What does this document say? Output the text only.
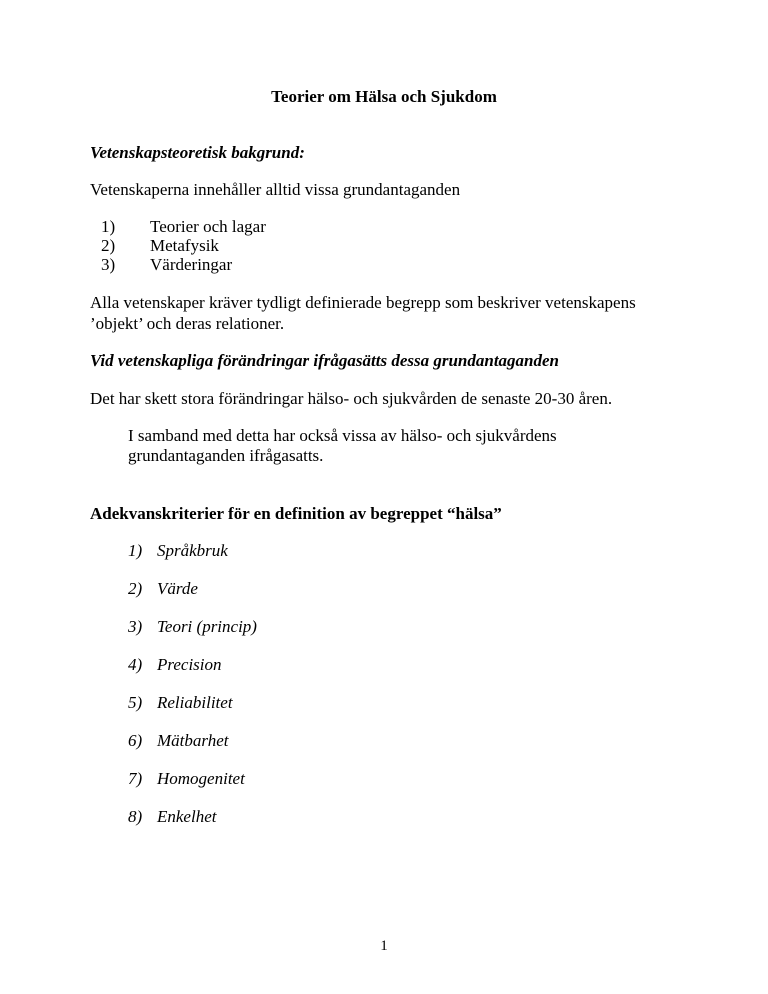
Teorier om Hälsa och Sjukdom

Vetenskapsteoretisk bakgrund:

Vetenskaperna innehåller alltid vissa grundantaganden

1) Teorier och lagar
2) Metafysik
3) Värderingar

Alla vetenskaper kräver tydligt definierade begrepp som beskriver vetenskapens

’objekt’ och deras relationer.

Vid vetenskapliga förändringar ifrågasätts dessa grundantaganden

Det har skett stora förändringar hälso- och sjukvården de senaste 20-30 åren.

I samband med detta har också vissa av hälso- och sjukvårdens

grundantaganden ifrågasatts.

Adekvanskriterier för en definition av begreppet “hälsa”

1) Språkbruk
2) Värde
3) Teori (princip)
4) Precision
5) Reliabilitet
6) Mätbarhet
7) Homogenitet
8) Enkelhet
1
